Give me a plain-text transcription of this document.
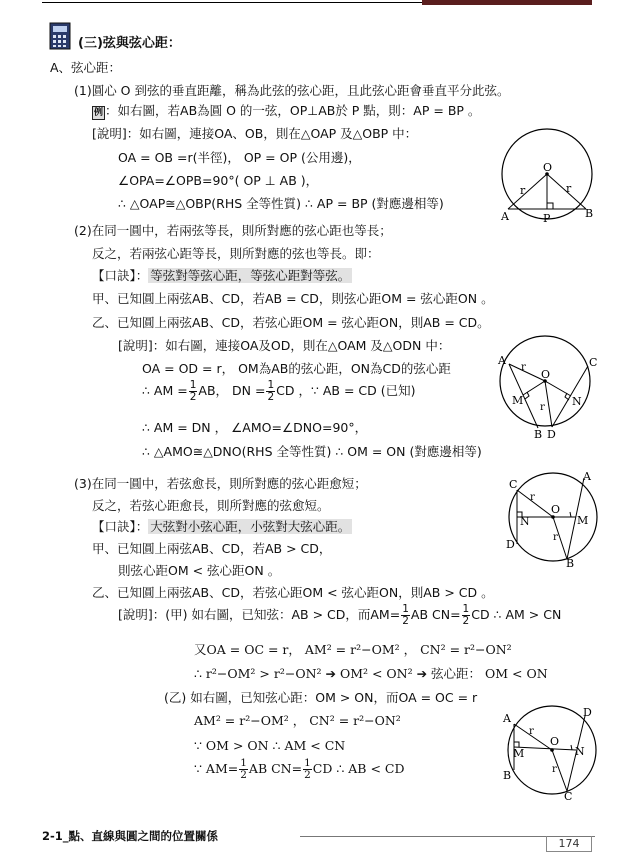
(三)弦與弦心距：
A、弦心距：
(1)圓心 O 到弦的垂直距離，稱為此弦的弦心距，且此弦心距會垂直平分此弦。
例 ：如右圖，若AB為圓 O 的一弦，OP⊥AB於 P 點，則：AP = BP 。
[說明]：如右圖，連接OA、OB，則在△OAP 及△OBP 中：
OA = OB =r(半徑)， OP = OP (公用邊)，
∠OPA=∠OPB=90°( OP ⊥ AB )，
∴ △OAP≅△OBP(RHS 全等性質) ∴ AP = BP (對應邊相等)
O
r	r
A	P	B
(2)在同一圓中，若兩弦等長，則所對應的弦心距也等長；
反之，若兩弦心距等長，則所對應的弦也等長。即：
【口訣】： 等弦對等弦心距，等弦心距對等弦。
甲、已知圓上兩弦AB、CD，若AB = CD，則弦心距OM = 弦心距ON 。
乙、已知圓上兩弦AB、CD，若弦心距OM = 弦心距ON，則AB = CD。
[說明]：如右圖，連接OA及OD，則在△OAM 及△ODN 中：
OA = OD = r， OM為AB的弦心距，ON為CD的弦心距
∴ AM = $\frac{1}{2}$ AB， DN = $\frac{1}{2}$ CD ，∵ AB = CD (已知)
∴ AM = DN ， ∠AMO=∠DNO=90°，
∴ △AMO≅△DNO(RHS 全等性質) ∴ OM = ON (對應邊相等)
A	C
r
O
M
r N
B D
(3)在同一圓中，若弦愈長，則所對應的弦心距愈短；
反之，若弦心距愈長，則所對應的弦愈短。
【口訣】： 大弦對小弦心距，小弦對大弦心距。
甲、已知圓上兩弦AB、CD，若AB > CD，
則弦心距OM < 弦心距ON 。
乙、已知圓上兩弦AB、CD，若弦心距OM < 弦心距ON，則AB > CD 。
[說明]：(甲) 如右圖，已知弦：AB > CD，而$AM= \frac{1}{2}$ AB $CN= \frac{1}{2}$ CD ∴ AM > CN
又OA = OC = r， AM² = r²−OM² ， CN² = r²−ON²
∴ r²−OM² > r²−ON² ➔ OM² < ON² ➔ 弦心距： OM < ON
(乙) 如右圖，已知弦心距：OM > ON，而OA = OC = r
AM² = r²−OM² ， CN² = r²−ON²
∵ OM > ON ∴ AM < CN
∵ $AM= \frac{1}{2}$ AB $CN= \frac{1}{2}$ CD ∴ AB < CD
C
A
r
N
O
M
r
D
B
A	D
r
M
O
N
r
B
C
2-1_點、直線與圓之間的位置關係
174
